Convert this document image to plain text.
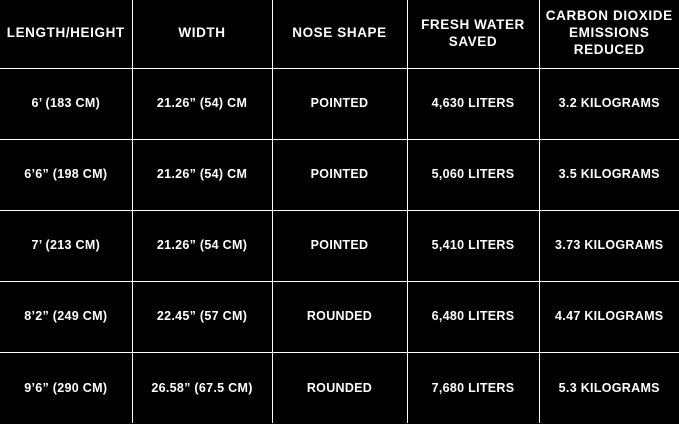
LENGTH/HEIGHT	WIDTH	NOSE SHAPE	FRESH WATER SAVED	CARBON DIOXIDE EMISSIONS REDUCED
6’ (183 CM)	21.26” (54) CM	POINTED	4,630 LITERS	3.2 KILOGRAMS
6’6” (198 CM)	21.26” (54) CM	POINTED	5,060 LITERS	3.5 KILOGRAMS
7’ (213 CM)	21.26” (54 CM)	POINTED	5,410 LITERS	3.73 KILOGRAMS
8’2” (249 CM)	22.45” (57 CM)	ROUNDED	6,480 LITERS	4.47 KILOGRAMS
9’6” (290 CM)	26.58” (67.5 CM)	ROUNDED	7,680 LITERS	5.3 KILOGRAMS
